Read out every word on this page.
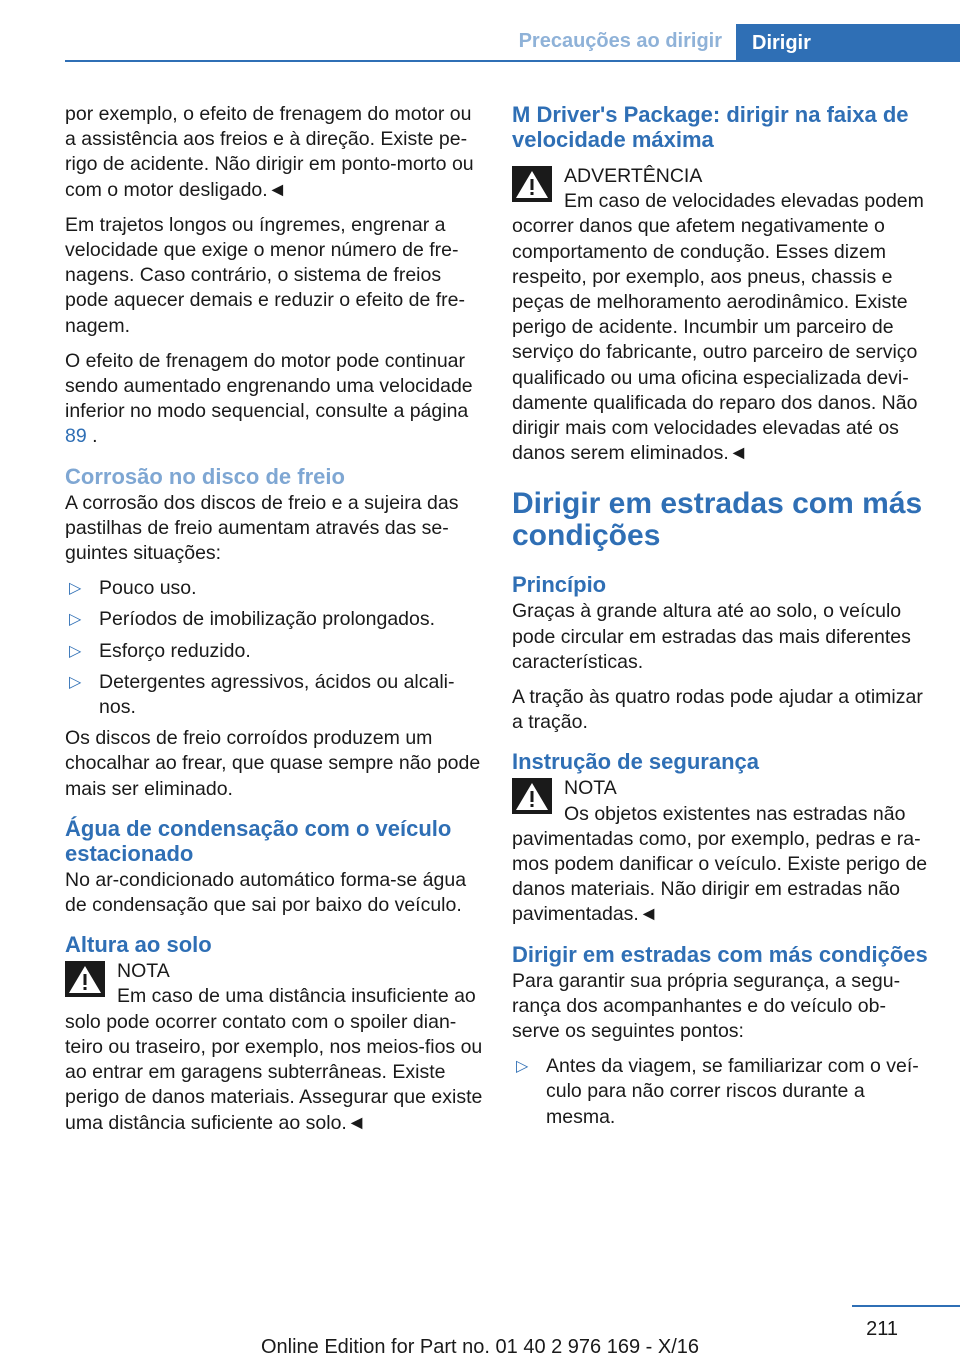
Precauções ao dirigir	Dirigir

por exemplo, o efeito de frenagem do motor ou a assistência aos freios e à direção. Existe pe- rigo de acidente. Não dirigir em ponto-morto ou com o motor desligado.◄

Em trajetos longos ou íngremes, engrenar a velocidade que exige o menor número de fre- nagens. Caso contrário, o sistema de freios pode aquecer demais e reduzir o efeito de fre- nagem.

O efeito de frenagem do motor pode continuar sendo aumentado engrenando uma velocidade inferior no modo sequencial, consulte a página
89 .

Corrosão no disco de freio

A corrosão dos discos de freio e a sujeira das pastilhas de freio aumentam através das se- guintes situações:

▷ Pouco uso.
▷ Períodos de imobilização prolongados.
▷ Esforço reduzido.
▷ Detergentes agressivos, ácidos ou alcali- nos.

Os discos de freio corroídos produzem um chocalhar ao frear, que quase sempre não pode mais ser eliminado.

Água de condensação com o veículo estacionado

No ar-condicionado automático forma-se água de condensação que sai por baixo do veículo.

Altura ao solo
NOTA
Em caso de uma distância insuficiente ao solo pode ocorrer contato com o spoiler dian- teiro ou traseiro, por exemplo, nos meios-fios ou ao entrar em garagens subterrâneas. Existe perigo de danos materiais. Assegurar que existe uma distância suficiente ao solo.◄
M Driver's Package: dirigir na faixa de velocidade máxima
ADVERTÊNCIA
Em caso de velocidades elevadas podem ocorrer danos que afetem negativamente o comportamento de condução. Esses dizem respeito, por exemplo, aos pneus, chassis e peças de melhoramento aerodinâmico. Existe perigo de acidente. Incumbir um parceiro de serviço do fabricante, outro parceiro de serviço qualificado ou uma oficina especializada devi- damente qualificada do reparo dos danos. Não dirigir mais com velocidades elevadas até os danos serem eliminados.◄
Dirigir em estradas com más condições
Princípio

Graças à grande altura até ao solo, o veículo pode circular em estradas das mais diferentes características.

A tração às quatro rodas pode ajudar a otimizar a tração.

Instrução de segurança
NOTA
Os objetos existentes nas estradas não pavimentadas como, por exemplo, pedras e ra- mos podem danificar o veículo. Existe perigo de danos materiais. Não dirigir em estradas não pavimentadas.◄
Dirigir em estradas com más condições

Para garantir sua própria segurança, a segu- rança dos acompanhantes e do veículo ob- serve os seguintes pontos:

▷ Antes da viagem, se familiarizar com o veí- culo para não correr riscos durante a mesma.
211
Online Edition for Part no. 01 40 2 976 169 - X/16
